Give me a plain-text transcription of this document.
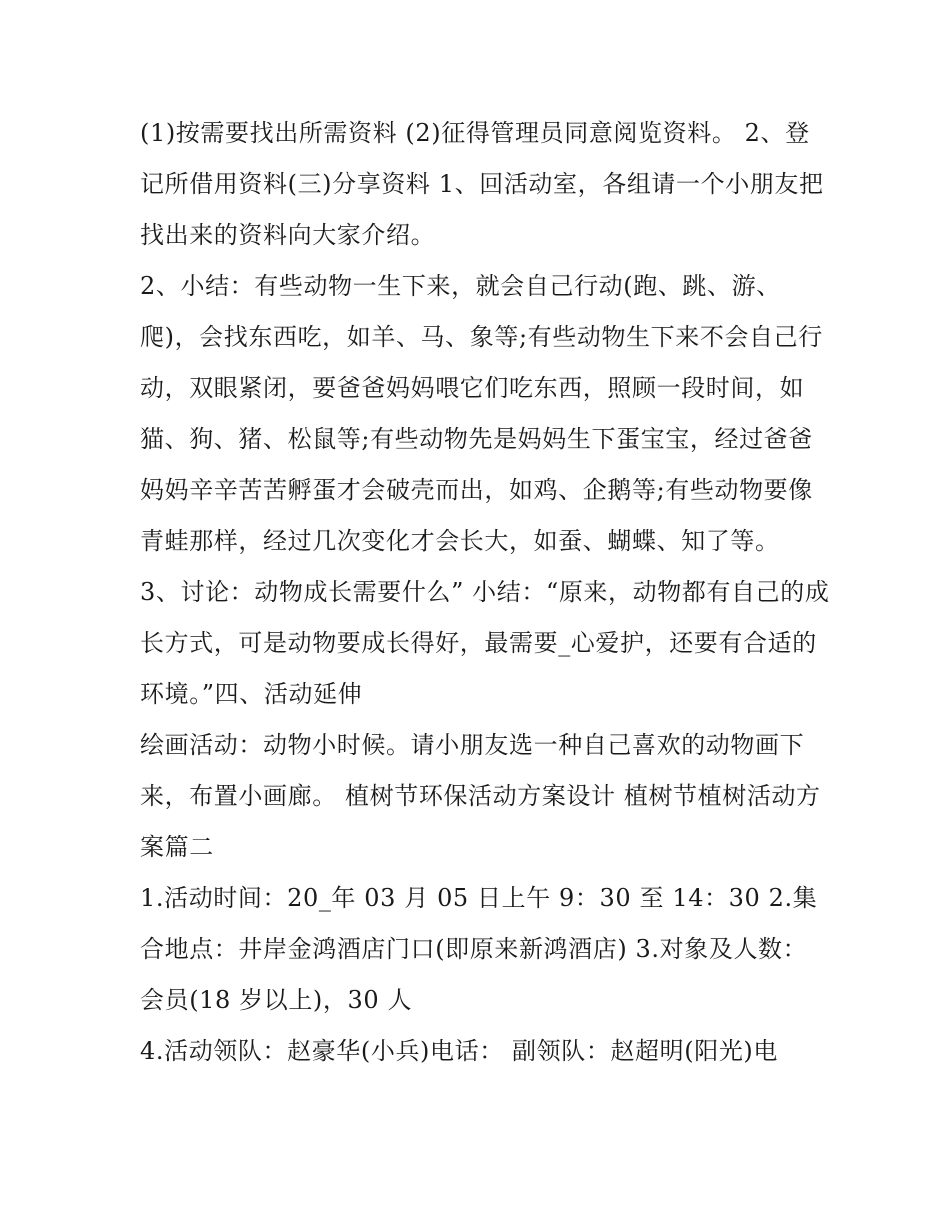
(1)按需要找出所需资料 (2)征得管理员同意阅览资料。 2、登记所借用资料(三)分享资料 1、回活动室，各组请一个小朋友把找出来的资料向大家介绍。

2、小结：有些动物一生下来，就会自己行动(跑、跳、游、爬)，会找东西吃，如羊、马、象等;有些动物生下来不会自己行动，双眼紧闭，要爸爸妈妈喂它们吃东西，照顾一段时间，如猫、狗、猪、松鼠等;有些动物先是妈妈生下蛋宝宝，经过爸爸妈妈辛辛苦苦孵蛋才会破壳而出，如鸡、企鹅等;有些动物要像青蛙那样，经过几次变化才会长大，如蚕、蝴蝶、知了等。

3、讨论：动物成长需要什么” 小结：“原来，动物都有自己的成长方式，可是动物要成长得好，最需要_心爱护，还要有合适的环境。”四、活动延伸

绘画活动：动物小时候。请小朋友选一种自己喜欢的动物画下来，布置小画廊。 植树节环保活动方案设计 植树节植树活动方案篇二

1.活动时间：20_年 03 月 05 日上午 9：30 至 14：30 2.集合地点：井岸金鸿酒店门口(即原来新鸿酒店) 3.对象及人数：会员(18 岁以上)，30 人

4.活动领队：赵豪华(小兵)电话： 副领队：赵超明(阳光)电
